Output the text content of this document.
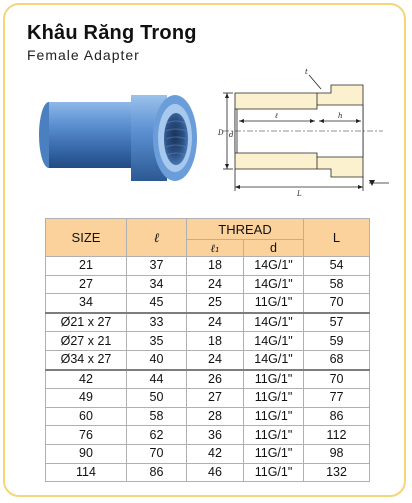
Khâu Răng Trong
Female Adapter
t
D d
ℓ	h
L
SIZE	ℓ	THREAD		L
		ℓ₁	d	
21	37	18	14G/1"	54
27	34	24	14G/1"	58
34	45	25	11G/1"	70
Ø21 x 27	33	24	14G/1"	57
Ø27 x 21	35	18	14G/1"	59
Ø34 x 27	40	24	14G/1"	68
42	44	26	11G/1"	70
49	50	27	11G/1"	77
60	58	28	11G/1"	86
76	62	36	11G/1"	112
90	70	42	11G/1"	98
114	86	46	11G/1"	132
